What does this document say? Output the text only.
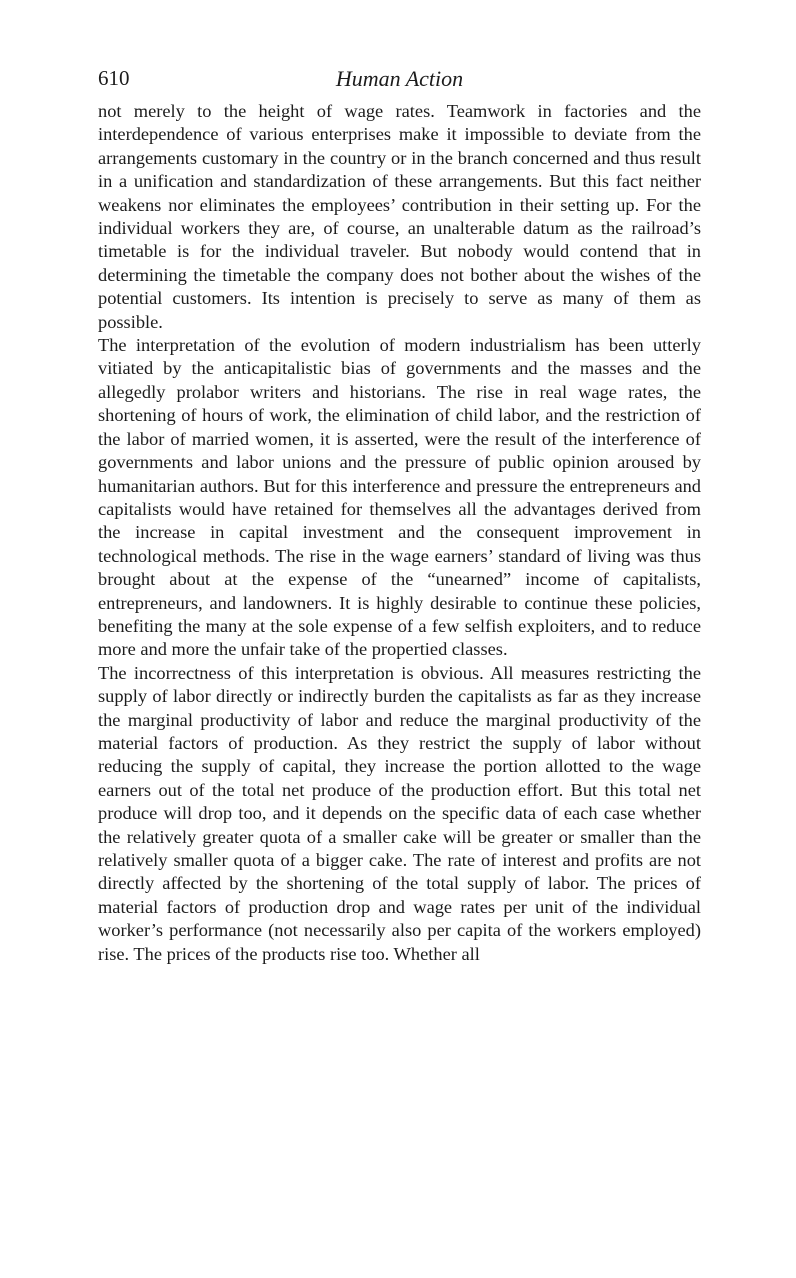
610	Human Action

not merely to the height of wage rates. Teamwork in factories and the interdependence of various enterprises make it impossible to deviate from the arrangements customary in the country or in the branch concerned and thus result in a unification and standardization of these arrangements. But this fact neither weakens nor eliminates the employees’ contribution in their setting up. For the individual workers they are, of course, an unalterable datum as the railroad’s timetable is for the individual traveler. But nobody would contend that in determining the timetable the company does not bother about the wishes of the potential customers. Its intention is precisely to serve as many of them as possible.

The interpretation of the evolution of modern industrialism has been utterly vitiated by the anticapitalistic bias of governments and the masses and the allegedly prolabor writers and historians. The rise in real wage rates, the shortening of hours of work, the elimination of child labor, and the restriction of the labor of married women, it is asserted, were the result of the interference of governments and labor unions and the pressure of public opinion aroused by humanitarian authors. But for this interference and pressure the entrepreneurs and capitalists would have retained for themselves all the advantages derived from the increase in capital investment and the consequent improvement in technological methods. The rise in the wage earners’ standard of living was thus brought about at the expense of the “unearned” income of capitalists, entrepreneurs, and landowners. It is highly desirable to continue these policies, benefiting the many at the sole expense of a few selfish exploiters, and to reduce more and more the unfair take of the propertied classes.

The incorrectness of this interpretation is obvious. All measures restricting the supply of labor directly or indirectly burden the capitalists as far as they increase the marginal productivity of labor and reduce the marginal productivity of the material factors of production. As they restrict the supply of labor without reducing the supply of capital, they increase the portion allotted to the wage earners out of the total net produce of the production effort. But this total net produce will drop too, and it depends on the specific data of each case whether the relatively greater quota of a smaller cake will be greater or smaller than the relatively smaller quota of a bigger cake. The rate of interest and profits are not directly affected by the shortening of the total supply of labor. The prices of material factors of production drop and wage rates per unit of the individual worker’s performance (not necessarily also per capita of the workers employed) rise. The prices of the products rise too. Whether all
